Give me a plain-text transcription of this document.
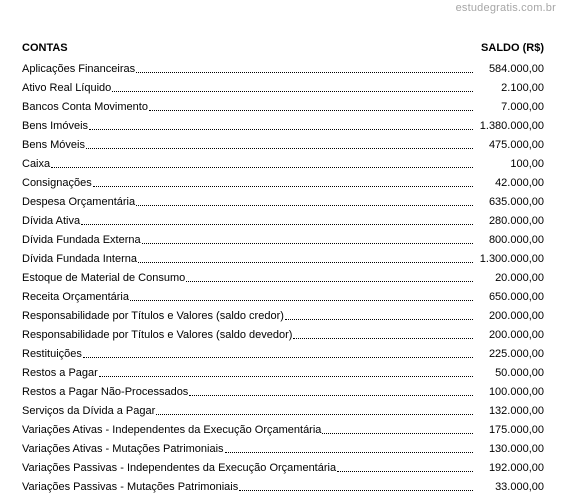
estudegratis.com.br
CONTAS	SALDO (R$)
Aplicações Financeiras	584.000,00
Ativo Real Líquido	2.100,00
Bancos Conta Movimento	7.000,00
Bens Imóveis	1.380.000,00
Bens Móveis	475.000,00
Caixa	100,00
Consignações	42.000,00
Despesa Orçamentária	635.000,00
Dívida Ativa	280.000,00
Dívida Fundada Externa	800.000,00
Dívida Fundada Interna	1.300.000,00
Estoque de Material de Consumo	20.000,00
Receita Orçamentária	650.000,00
Responsabilidade por Títulos e Valores (saldo credor)	200.000,00
Responsabilidade por Títulos e Valores (saldo devedor)	200.000,00
Restituições	225.000,00
Restos a Pagar	50.000,00
Restos a Pagar Não-Processados	100.000,00
Serviços da Dívida a Pagar	132.000,00
Variações Ativas - Independentes da Execução Orçamentária	175.000,00
Variações Ativas - Mutações Patrimoniais	130.000,00
Variações Passivas - Independentes da Execução Orçamentária	192.000,00
Variações Passivas - Mutações Patrimoniais	33.000,00
